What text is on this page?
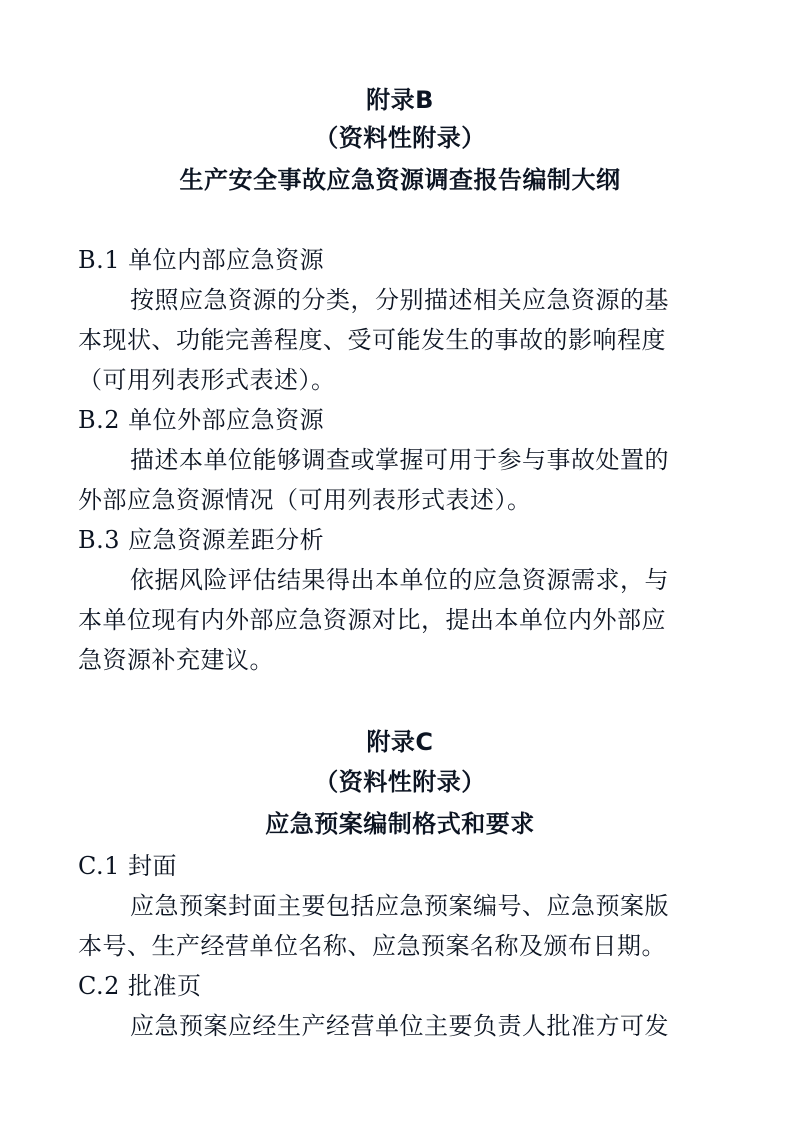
附录B
（资料性附录）
生产安全事故应急资源调查报告编制大纲
B.1 单位内部应急资源
按照应急资源的分类，分别描述相关应急资源的基
本现状、功能完善程度、受可能发生的事故的影响程度
（可用列表形式表述）。
B.2 单位外部应急资源
描述本单位能够调查或掌握可用于参与事故处置的
外部应急资源情况（可用列表形式表述）。
B.3 应急资源差距分析
依据风险评估结果得出本单位的应急资源需求，与
本单位现有内外部应急资源对比，提出本单位内外部应
急资源补充建议。
附录C
（资料性附录）
应急预案编制格式和要求
C.1 封面
应急预案封面主要包括应急预案编号、应急预案版
本号、生产经营单位名称、应急预案名称及颁布日期。
C.2 批准页
应急预案应经生产经营单位主要负责人批准方可发
